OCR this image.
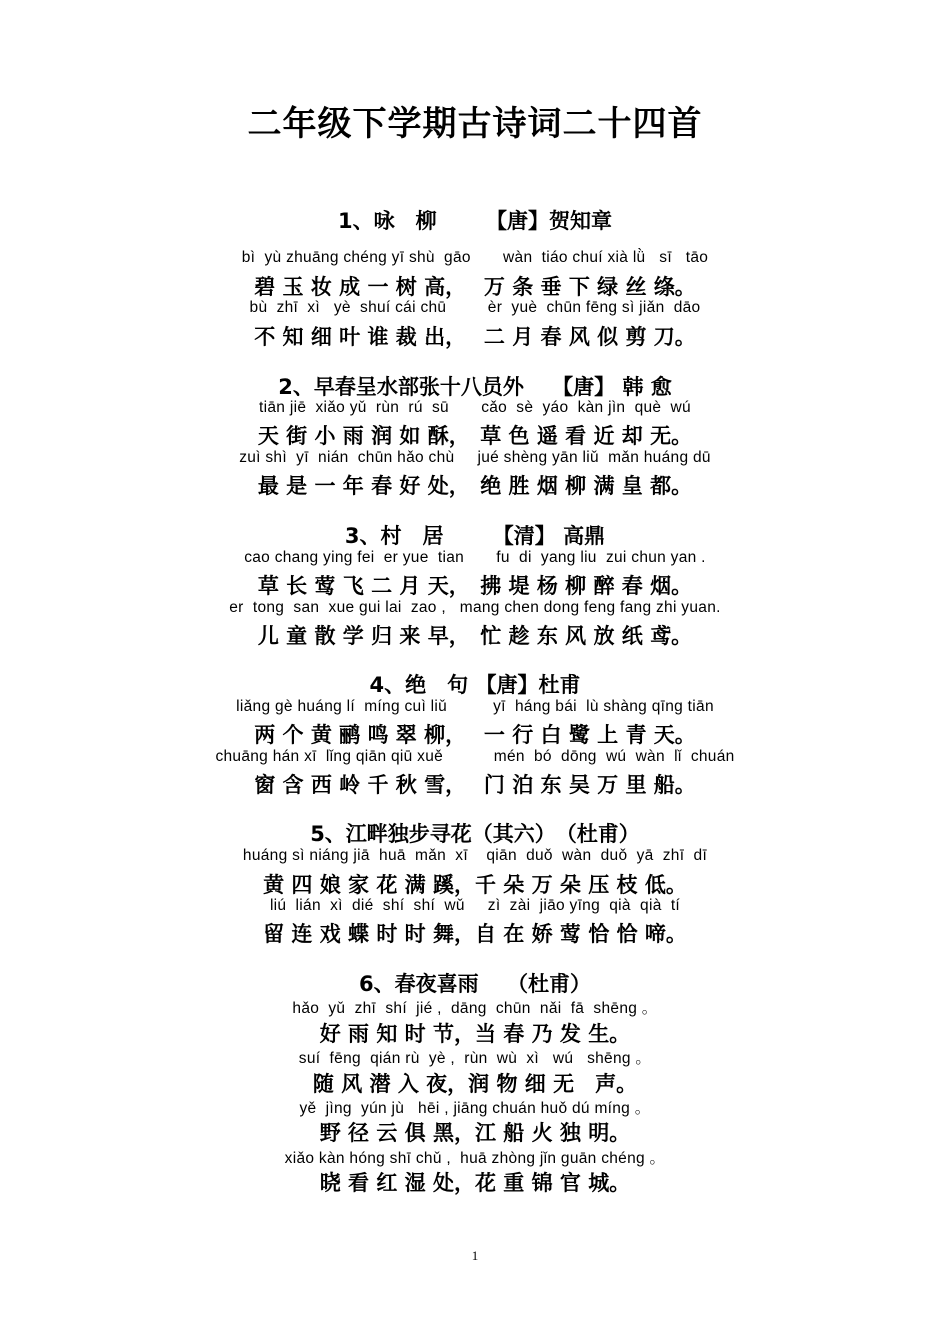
二年级下学期古诗词二十四首
1、咏　柳　　 【唐】贺知章
bì  yù zhuāng chéng yī shù  gāo       wàn  tiáo chuí xià lǜ   sī   tāo
碧 玉 妆 成 一 树 高，　 万 条 垂 下 绿 丝 绦。
bù  zhī  xì   yè  shuí cái chū         èr  yuè  chūn fēng sì jiǎn  dāo
不 知 细 叶 谁 裁 出，　 二 月 春 风 似 剪 刀。
2、早春呈水部张十八员外　 【唐】 韩 愈
tiān jiē  xiǎo yǔ  rùn  rú  sū       cǎo  sè  yáo  kàn jìn  què  wú
天 街 小 雨 润 如 酥，　草 色 遥 看 近 却 无。
zuì shì  yī  nián  chūn hǎo chù     jué shèng yān liǔ  mǎn huáng dū
最 是 一 年 春 好 处，　绝 胜 烟 柳 满 皇 都。
3、村　居　　 【清】 高鼎
cao chang ying fei  er yue  tian       fu  di  yang liu  zui chun yan .
草 长 莺 飞 二 月 天，　拂 堤 杨 柳 醉 春 烟。
er  tong  san  xue gui lai  zao ,   mang chen dong feng fang zhi yuan.
儿 童 散 学 归 来 早，　忙 趁 东 风 放 纸 鸢。
4、绝　句 【唐】杜甫
liǎng gè huáng lí  míng cuì liǔ          yī  háng bái  lù shàng qīng tiān
两 个 黄 鹂 鸣 翠 柳，　 一 行 白 鹭 上 青 天。
chuāng hán xī  lǐng qiān qiū xuě           mén  bó  dōng  wú  wàn  lǐ  chuán
窗 含 西 岭 千 秋 雪，　 门 泊 东 吴 万 里 船。
5、江畔独步寻花（其六）　（杜甫）
huáng sì niáng jiā  huā  mǎn  xī    qiān  duǒ  wàn  duǒ  yā  zhī  dī
黄 四 娘 家 花 满 蹊，千 朵 万 朵 压 枝 低。
liú  lián  xì  dié  shí  shí  wǔ     zì  zài  jiāo yīng  qià  qià  tí
留 连 戏 蝶 时 时 舞，自 在 娇 莺 恰 恰 啼。
6、春夜喜雨　 （杜甫）
hǎo  yǔ  zhī  shí  jié ,  dāng  chūn  nǎi  fā  shēng 。
好 雨 知 时 节，当 春 乃 发 生。
suí  fēng  qián rù  yè ,  rùn  wù  xì   wú   shēng 。
随 风 潜 入 夜，润 物 细 无　声。
yě  jìng  yún jù   hēi , jiāng chuán huǒ dú míng 。
野 径 云 俱 黑，江 船 火 独 明。
xiǎo kàn hóng shī chǔ ,  huā zhòng jǐn guān chéng 。
晓 看 红 湿 处，花 重 锦 官 城。
1
